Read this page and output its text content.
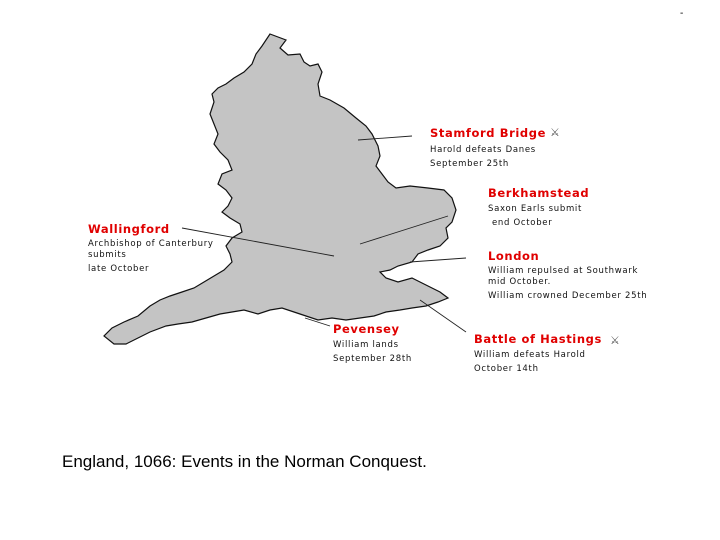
-
Stamford Bridge ⚔
Harold defeats Danes
September 25th
Berkhamstead
Saxon Earls submit
end October
Wallingford
Archbishop of Canterbury
submits
late October
London
William repulsed at Southwark
mid October.
William crowned December 25th
Pevensey
William lands
September 28th
Battle of Hastings ⚔
William defeats Harold
October 14th
England, 1066: Events in the Norman Conquest.
